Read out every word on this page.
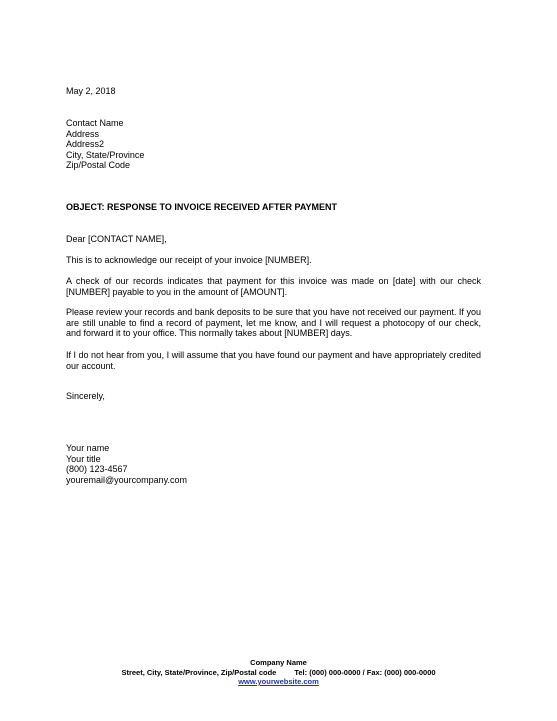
May 2, 2018
Contact Name
Address
Address2
City, State/Province
Zip/Postal Code
OBJECT: RESPONSE TO INVOICE RECEIVED AFTER PAYMENT
Dear [CONTACT NAME],
This is to acknowledge our receipt of your invoice [NUMBER].
A check of our records indicates that payment for this invoice was made on [date] with our check [NUMBER] payable to you in the amount of [AMOUNT].
Please review your records and bank deposits to be sure that you have not received our payment. If you are still unable to find a record of payment, let me know, and I will request a photocopy of our check, and forward it to your office. This normally takes about [NUMBER] days.
If I do not hear from you, I will assume that you have found our payment and have appropriately credited our account.
Sincerely,
Your name
Your title
(800) 123-4567
youremail@yourcompany.com
Company Name
Street, City, State/Province, Zip/Postal code Tel: (000) 000-0000 / Fax: (000) 000-0000
www.yourwebsite.com
